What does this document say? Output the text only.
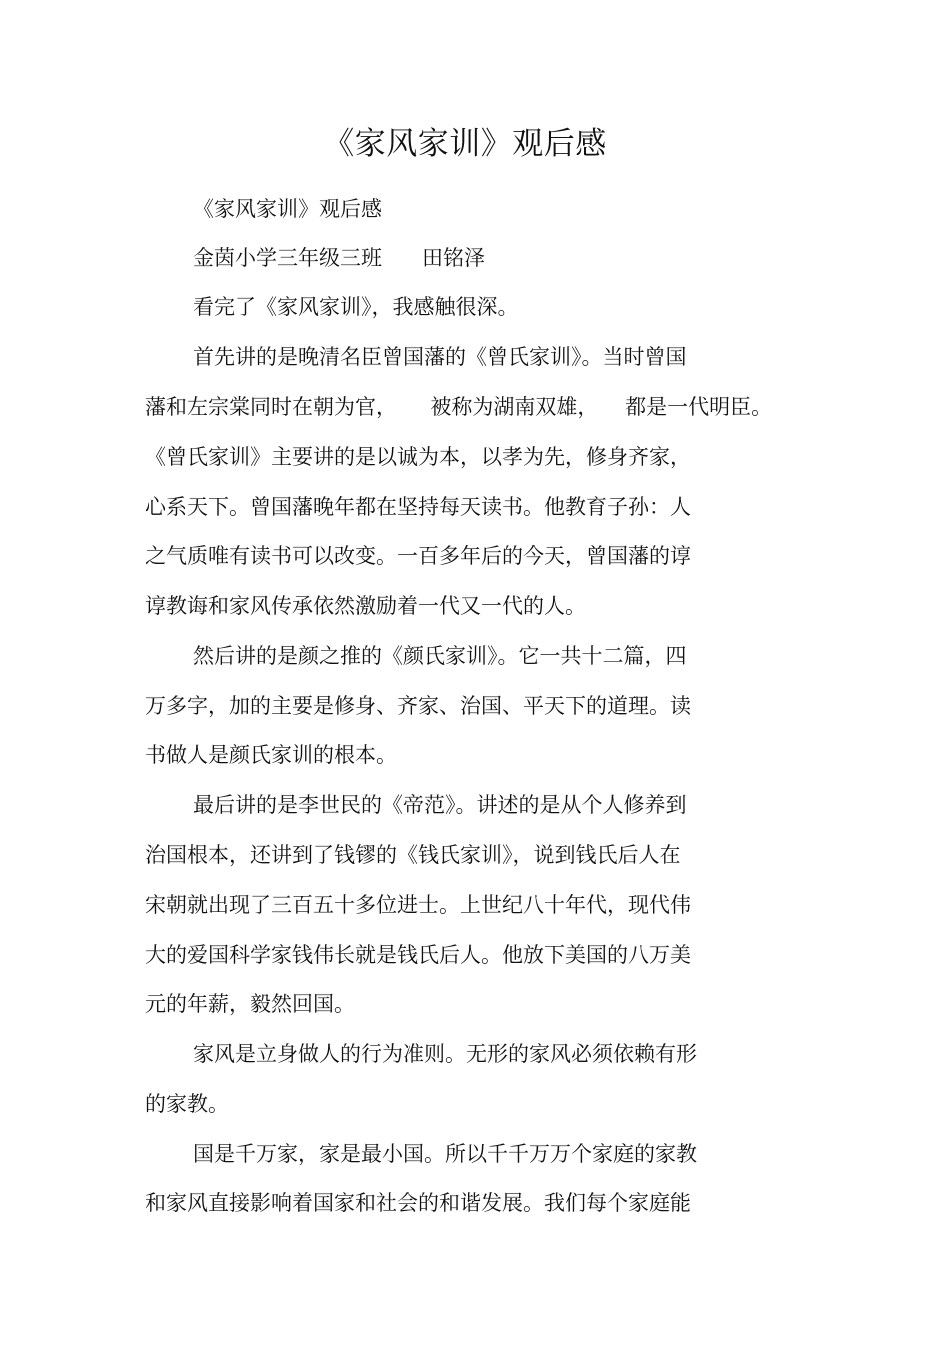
《家风家训》观后感
《家风家训》观后感
金茵小学三年级三班      田铭泽
看完了《家风家训》，我感触很深。
首先讲的是晚清名臣曾国藩的《曾氏家训》。当时曾国
藩和左宗棠同时在朝为官，     被称为湖南双雄，    都是一代明臣。
《曾氏家训》主要讲的是以诚为本，以孝为先，修身齐家，
心系天下。曾国藩晚年都在坚持每天读书。他教育子孙：人
之气质唯有读书可以改变。一百多年后的今天，曾国藩的谆
谆教诲和家风传承依然激励着一代又一代的人。
然后讲的是颜之推的《颜氏家训》。它一共十二篇，四
万多字，加的主要是修身、齐家、治国、平天下的道理。读
书做人是颜氏家训的根本。
最后讲的是李世民的《帝范》。讲述的是从个人修养到
治国根本，还讲到了钱镠的《钱氏家训》，说到钱氏后人在
宋朝就出现了三百五十多位进士。上世纪八十年代，现代伟
大的爱国科学家钱伟长就是钱氏后人。他放下美国的八万美
元的年薪，毅然回国。
家风是立身做人的行为准则。无形的家风必须依赖有形
的家教。
国是千万家，家是最小国。所以千千万万个家庭的家教
和家风直接影响着国家和社会的和谐发展。我们每个家庭能
